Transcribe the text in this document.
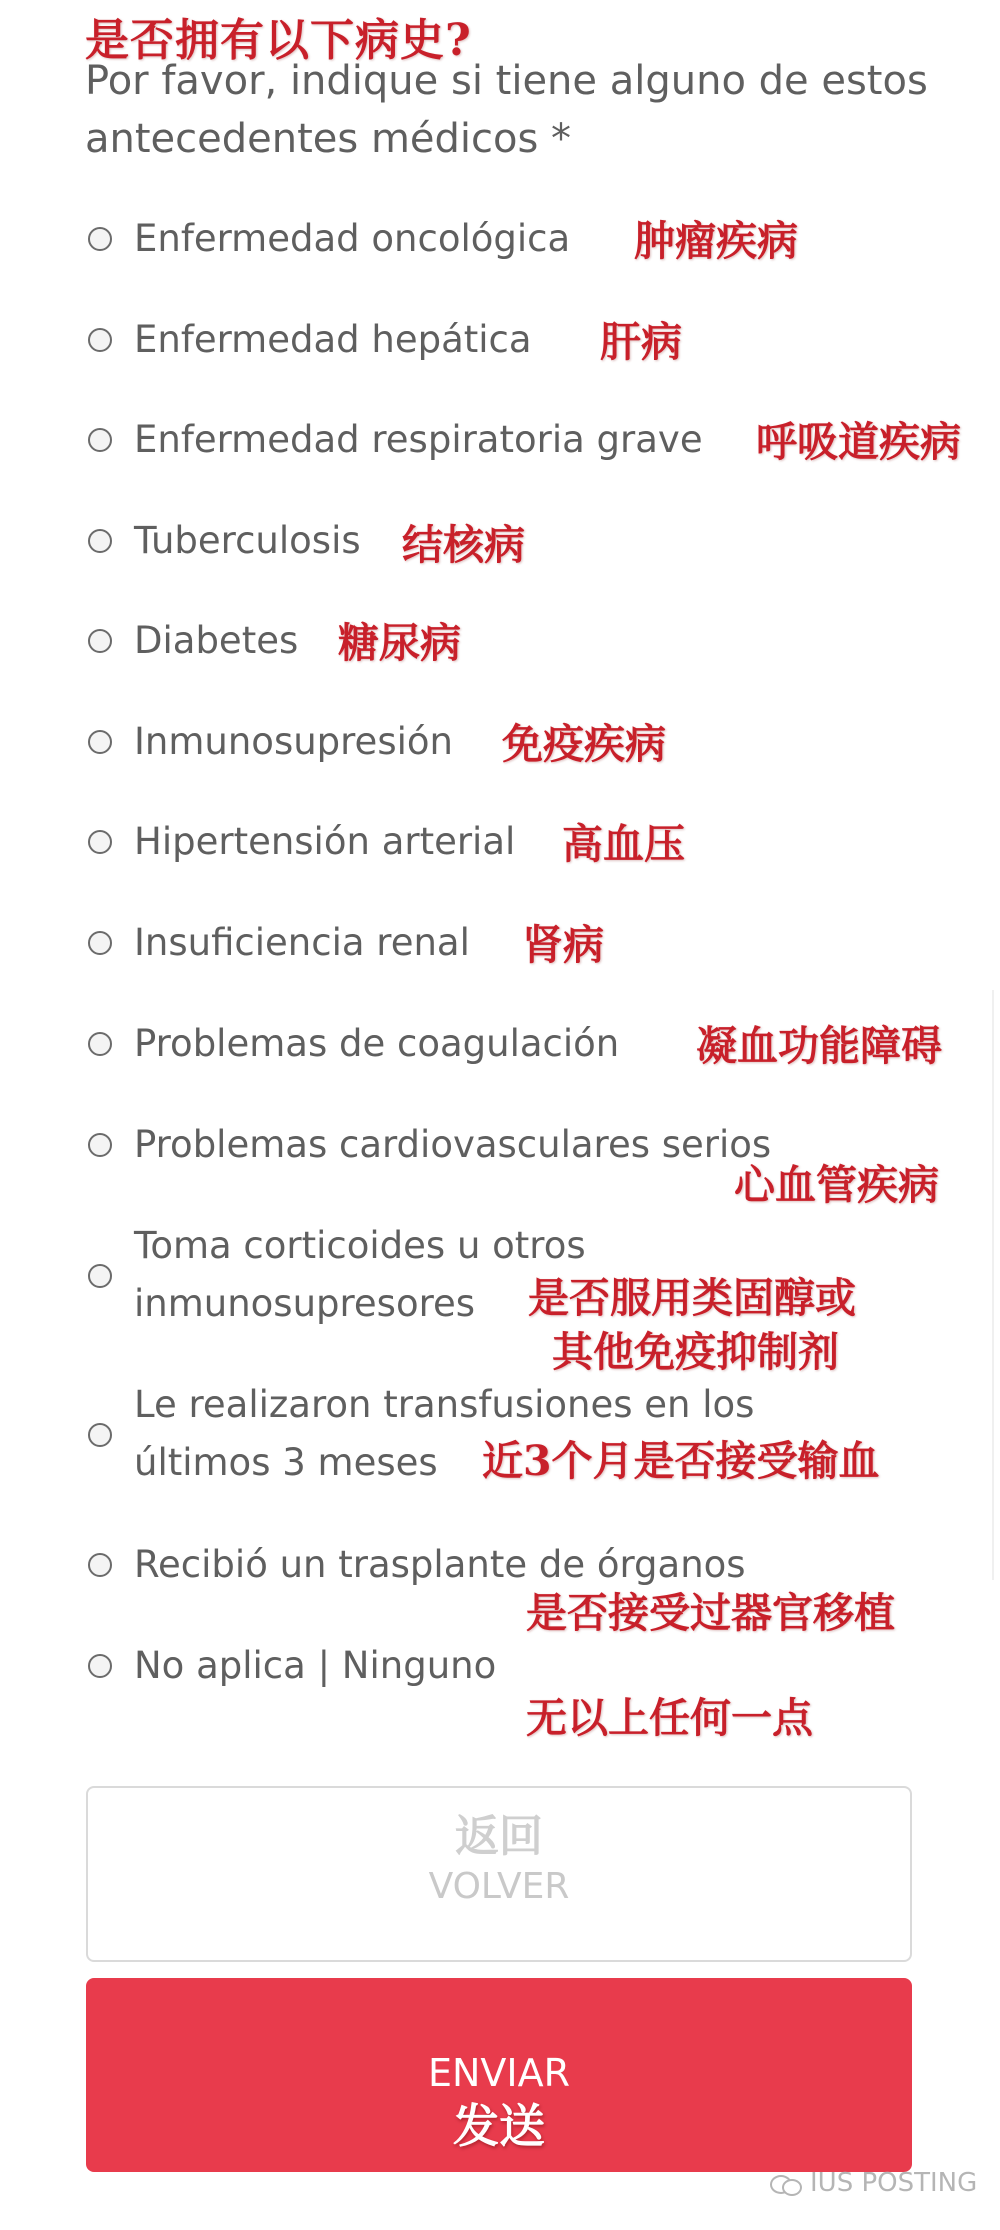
是否拥有以下病史?
Por favor, indique si tiene alguno de estos antecedentes médicos *
Enfermedad oncológica 肿瘤疾病
Enfermedad hepática 肝病
Enfermedad respiratoria grave 呼吸道疾病
Tuberculosis 结核病
Diabetes 糖尿病
Inmunosupresión 免疫疾病
Hipertensión arterial 高血压
Insuficiencia renal 肾病
Problemas de coagulación 凝血功能障碍
Problemas cardiovasculares serios
心血管疾病
Toma corticoides u otros
inmunosupresores 是否服用类固醇或
其他免疫抑制剂
Le realizaron transfusiones en los
últimos 3 meses 近3个月是否接受输血
Recibió un trasplante de órganos
是否接受过器官移植
No aplica | Ninguno
无以上任何一点
返回
VOLVER
ENVIAR
发送
IUS POSTING
